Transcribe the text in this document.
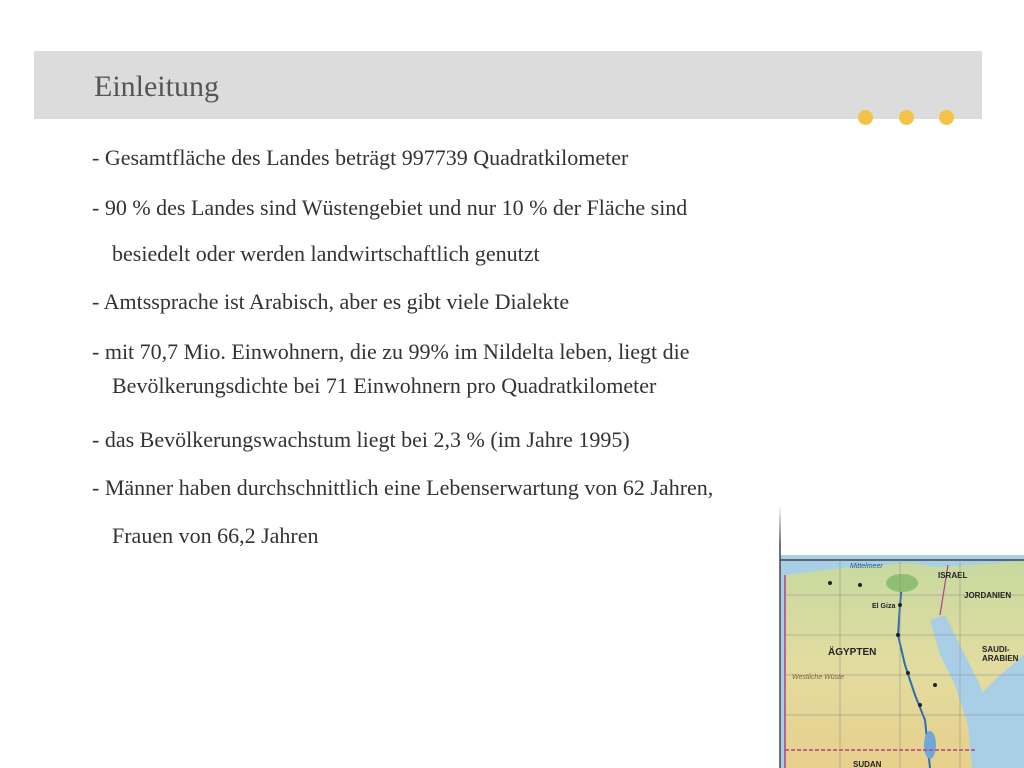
Einleitung
- Gesamtfläche des Landes beträgt 997739 Quadratkilometer
- 90 % des Landes sind Wüstengebiet und nur 10 % der Fläche sind
besiedelt oder werden landwirtschaftlich genutzt
- Amtssprache ist Arabisch, aber es gibt viele Dialekte
- mit 70,7 Mio. Einwohnern, die zu 99% im Nildelta leben, liegt die
Bevölkerungsdichte bei 71 Einwohnern pro Quadratkilometer
- das Bevölkerungswachstum liegt bei 2,3 % (im Jahre 1995)
- Männer haben durchschnittlich eine Lebenserwartung von 62 Jahren,
Frauen von 66,2 Jahren
Mittelmeer
ISRAEL
JORDANIEN
ÄGYPTEN	SAUDI-ARABIEN
SUDAN
El Giza
Westliche Wüste
